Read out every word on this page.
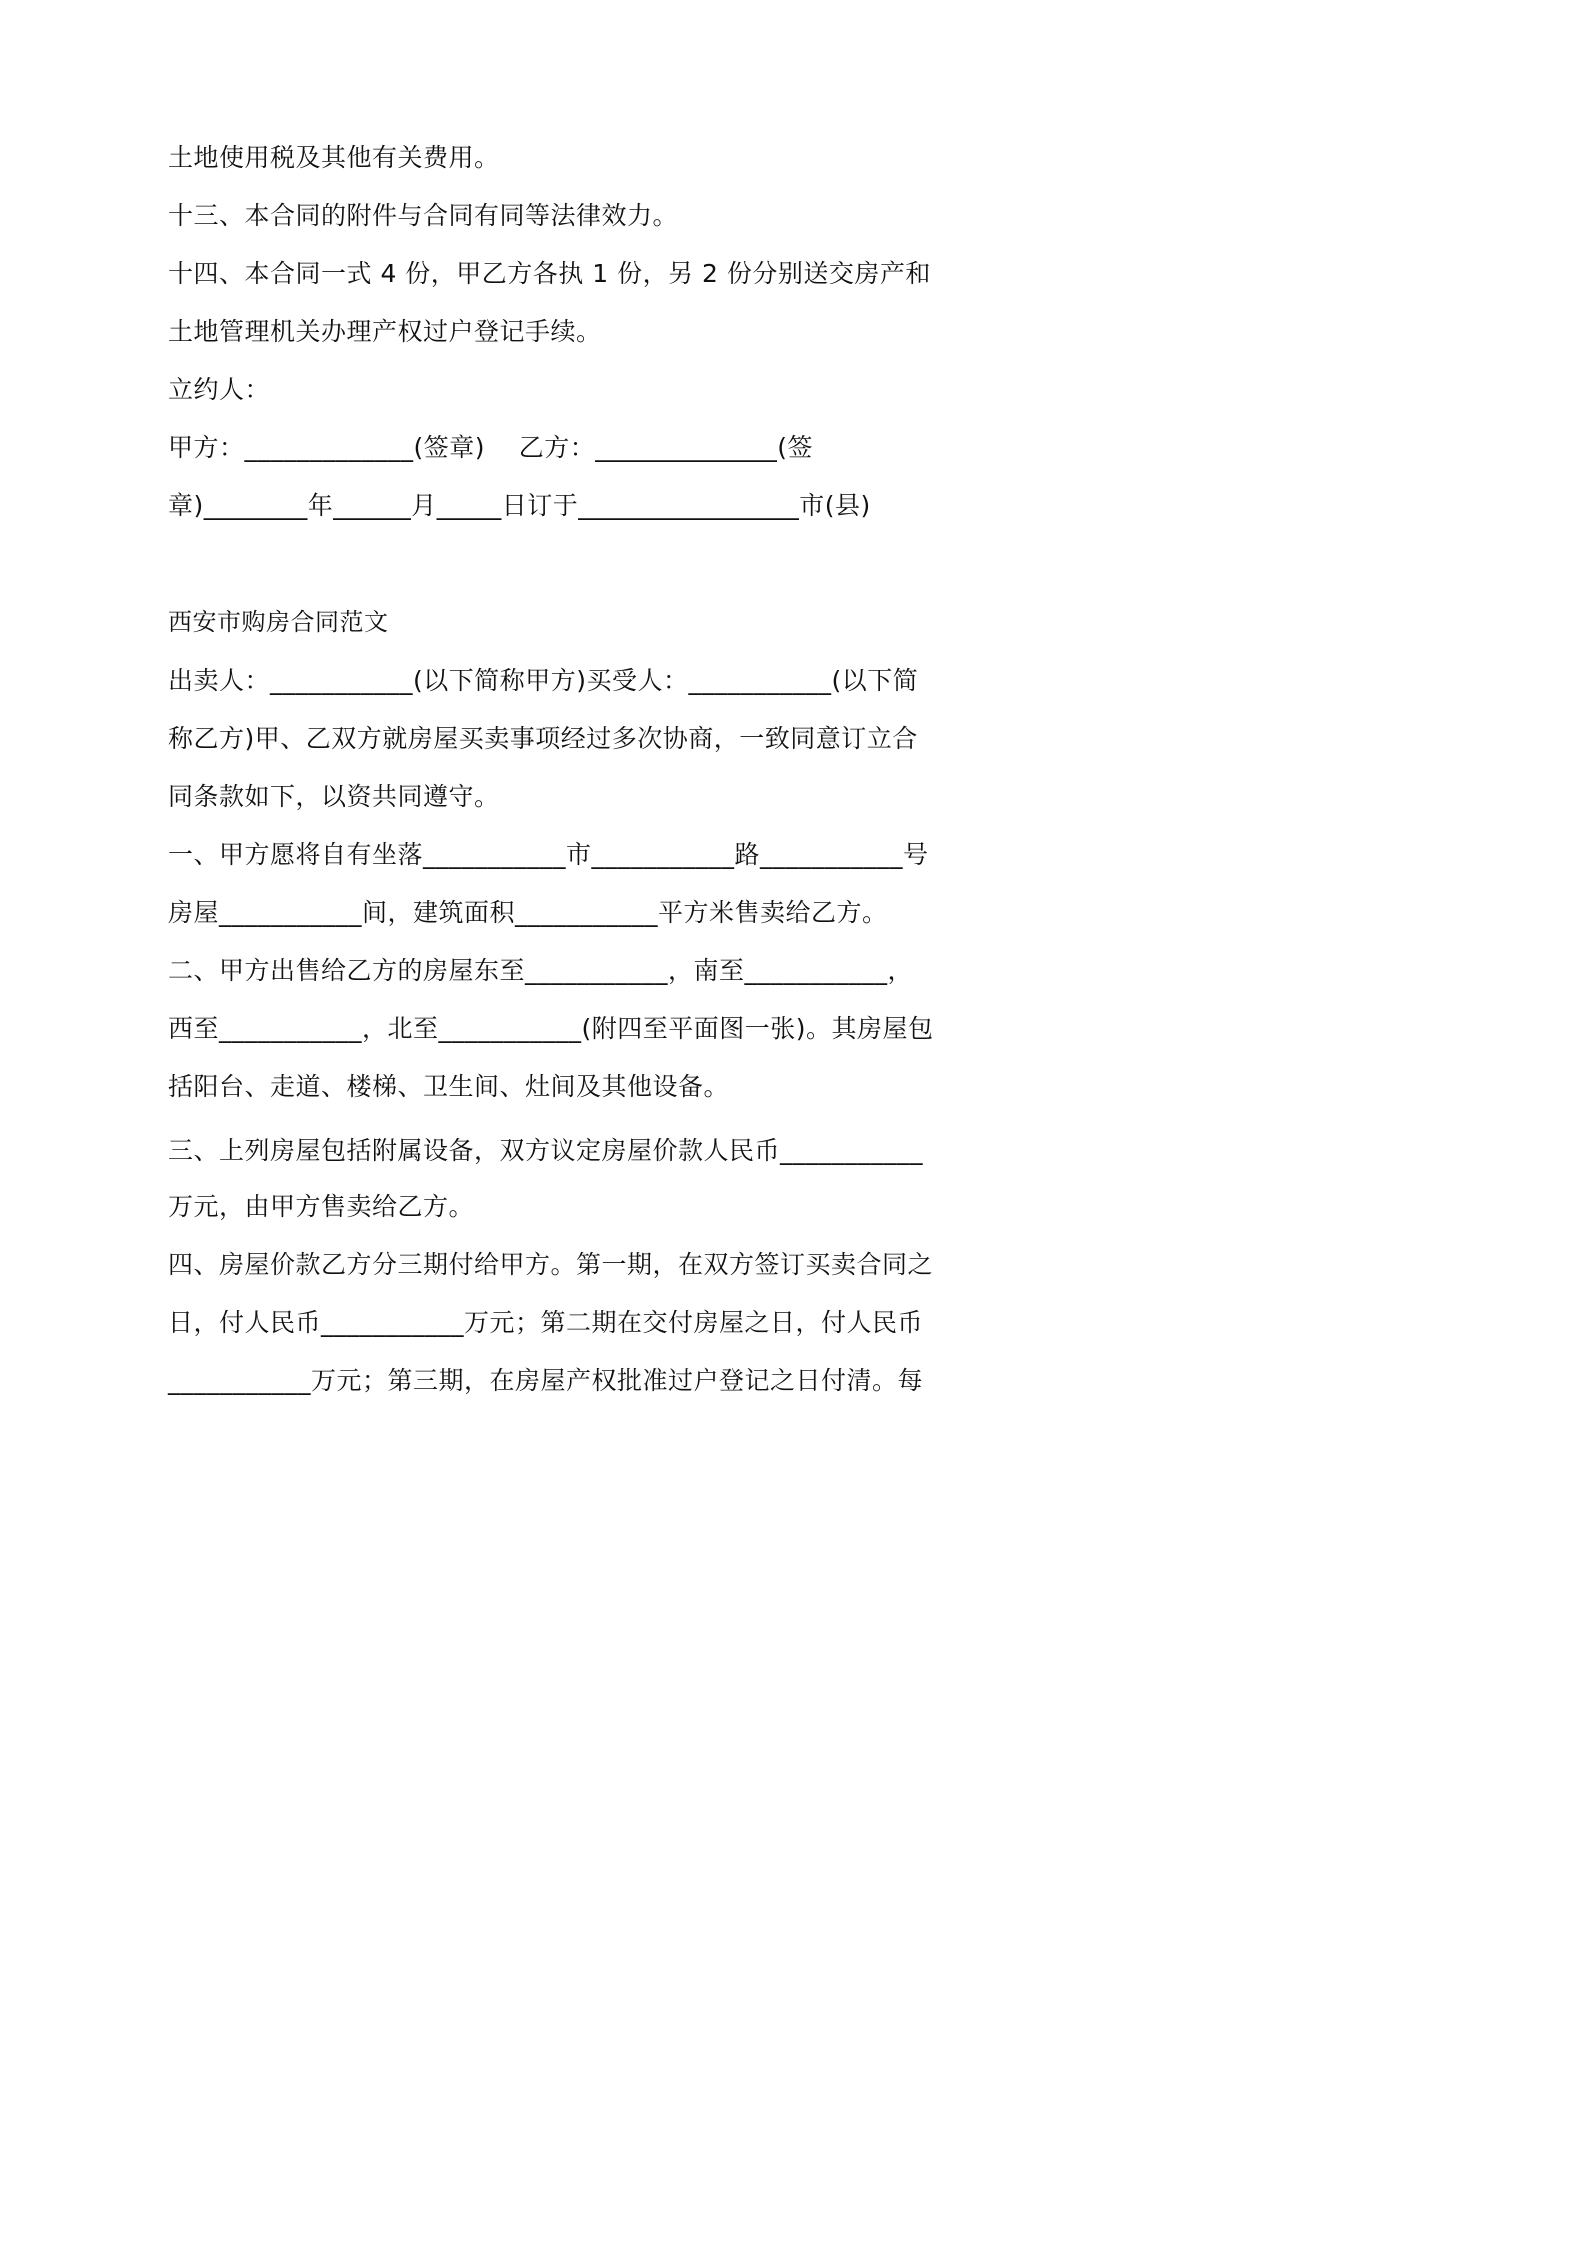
土地使用税及其他有关费用。
十三、本合同的附件与合同有同等法律效力。
十四、本合同一式 4 份，甲乙方各执 1 份，另 2 份分别送交房产和
土地管理机关办理产权过户登记手续。
立约人：
甲方：_____________(签章)    乙方：______________(签
章)________年______月_____日订于_________________市(县)
西安市购房合同范文
出卖人：___________(以下简称甲方)买受人：___________(以下简
称乙方)甲、乙双方就房屋买卖事项经过多次协商，一致同意订立合
同条款如下，以资共同遵守。
一、甲方愿将自有坐落___________市___________路___________号
房屋___________间，建筑面积___________平方米售卖给乙方。
二、甲方出售给乙方的房屋东至___________，南至___________，
西至___________，北至___________(附四至平面图一张)。其房屋包
括阳台、走道、楼梯、卫生间、灶间及其他设备。
三、上列房屋包括附属设备，双方议定房屋价款人民币___________
万元，由甲方售卖给乙方。
四、房屋价款乙方分三期付给甲方。第一期，在双方签订买卖合同之
日，付人民币___________万元；第二期在交付房屋之日，付人民币
___________万元；第三期，在房屋产权批准过户登记之日付清。每
